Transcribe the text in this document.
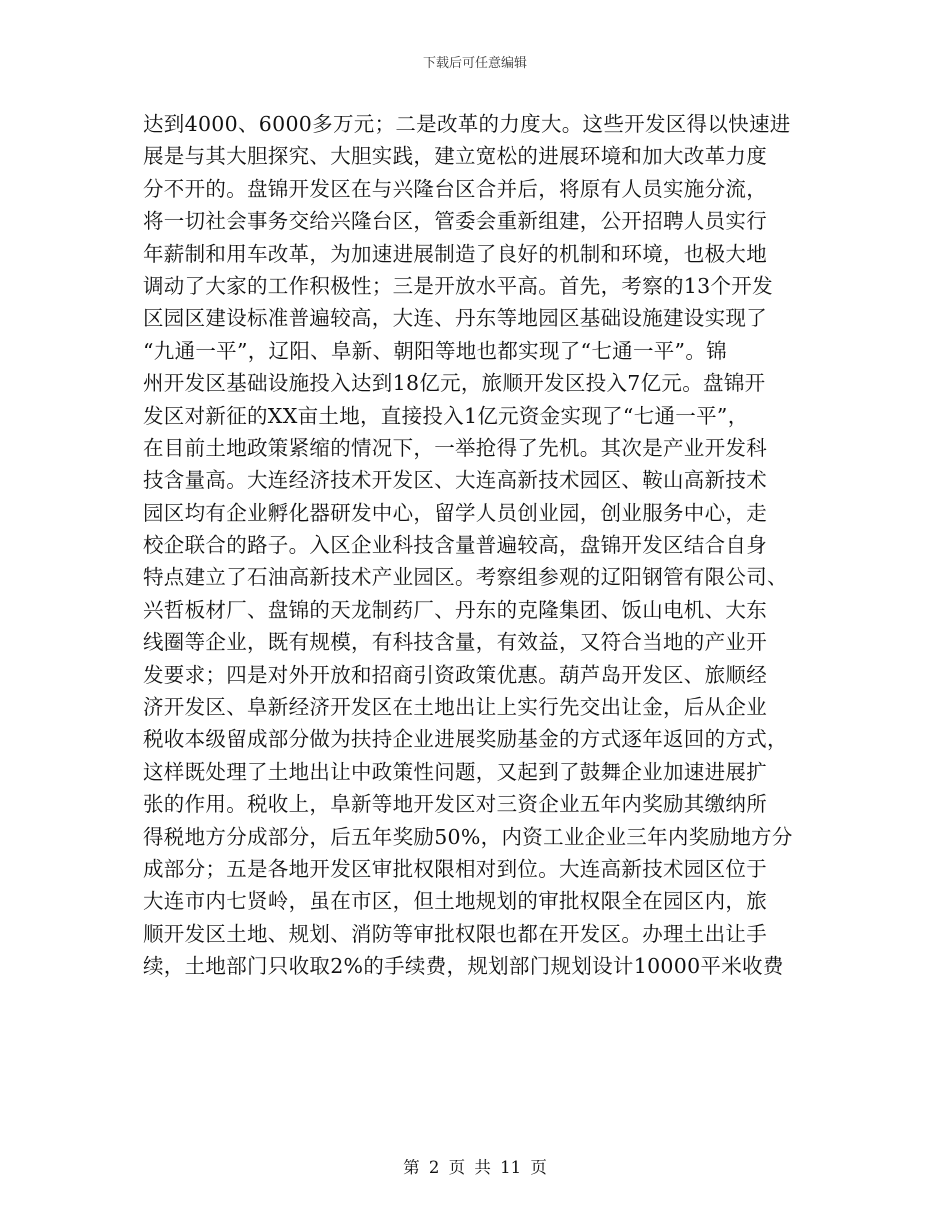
下载后可任意编辑
达到4000、6000多万元；二是改革的力度大。这些开发区得以快速进
展是与其大胆探究、大胆实践，建立宽松的进展环境和加大改革力度
分不开的。盘锦开发区在与兴隆台区合并后，将原有人员实施分流，
将一切社会事务交给兴隆台区，管委会重新组建，公开招聘人员实行
年薪制和用车改革，为加速进展制造了良好的机制和环境，也极大地
调动了大家的工作积极性；三是开放水平高。首先，考察的13个开发
区园区建设标准普遍较高，大连、丹东等地园区基础设施建设实现了
“九通一平”，辽阳、阜新、朝阳等地也都实现了“七通一平”。锦
州开发区基础设施投入达到18亿元，旅顺开发区投入7亿元。盘锦开
发区对新征的XX亩土地，直接投入1亿元资金实现了“七通一平”，
在目前土地政策紧缩的情况下，一举抢得了先机。其次是产业开发科
技含量高。大连经济技术开发区、大连高新技术园区、鞍山高新技术
园区均有企业孵化器研发中心，留学人员创业园，创业服务中心，走
校企联合的路子。入区企业科技含量普遍较高，盘锦开发区结合自身
特点建立了石油高新技术产业园区。考察组参观的辽阳钢管有限公司、
兴哲板材厂、盘锦的天龙制药厂、丹东的克隆集团、饭山电机、大东
线圈等企业，既有规模，有科技含量，有效益，又符合当地的产业开
发要求；四是对外开放和招商引资政策优惠。葫芦岛开发区、旅顺经
济开发区、阜新经济开发区在土地出让上实行先交出让金，后从企业
税收本级留成部分做为扶持企业进展奖励基金的方式逐年返回的方式，
这样既处理了土地出让中政策性问题，又起到了鼓舞企业加速进展扩
张的作用。税收上，阜新等地开发区对三资企业五年内奖励其缴纳所
得税地方分成部分，后五年奖励50%，内资工业企业三年内奖励地方分
成部分；五是各地开发区审批权限相对到位。大连高新技术园区位于
大连市内七贤岭，虽在市区，但土地规划的审批权限全在园区内，旅
顺开发区土地、规划、消防等审批权限也都在开发区。办理土出让手
续，土地部门只收取2%的手续费，规划部门规划设计10000平米收费
第 2 页 共 11 页
